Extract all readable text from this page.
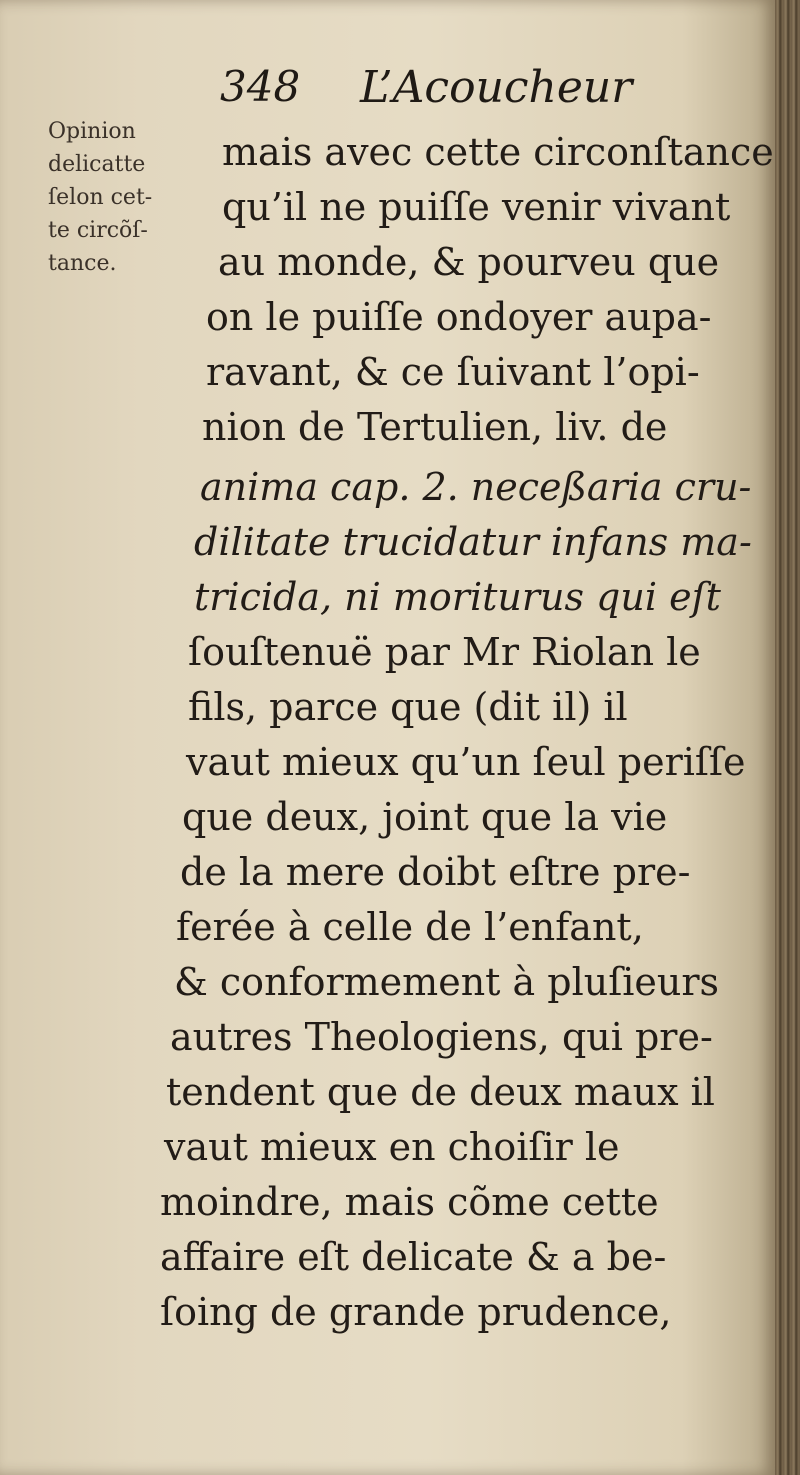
348 L’Acoucheur
Opinion
delicatte
ſelon cet-
te circõſ-
tance.
mais avec cette circonſtance
qu’il ne puiſſe venir vivant
au monde, & pourveu que
on le puiſſe ondoyer aupa-
ravant, & ce ſuivant l’opi-
nion de Tertulien, liv. de
anima cap. 2. neceßaria cru-
dilitate trucidatur infans ma-
tricida, ni moriturus qui eſt
ſouſtenuë par Mr Riolan le
fils, parce que (dit il) il
vaut mieux qu’un ſeul periſſe
que deux, joint que la vie
de la mere doibt eſtre pre-
ferée à celle de l’enfant,
& conformement à pluſieurs
autres Theologiens, qui pre-
tendent que de deux maux il
vaut mieux en choiſir le
moindre, mais cõme cette
affaire eſt delicate & a be-
ſoing de grande prudence,
